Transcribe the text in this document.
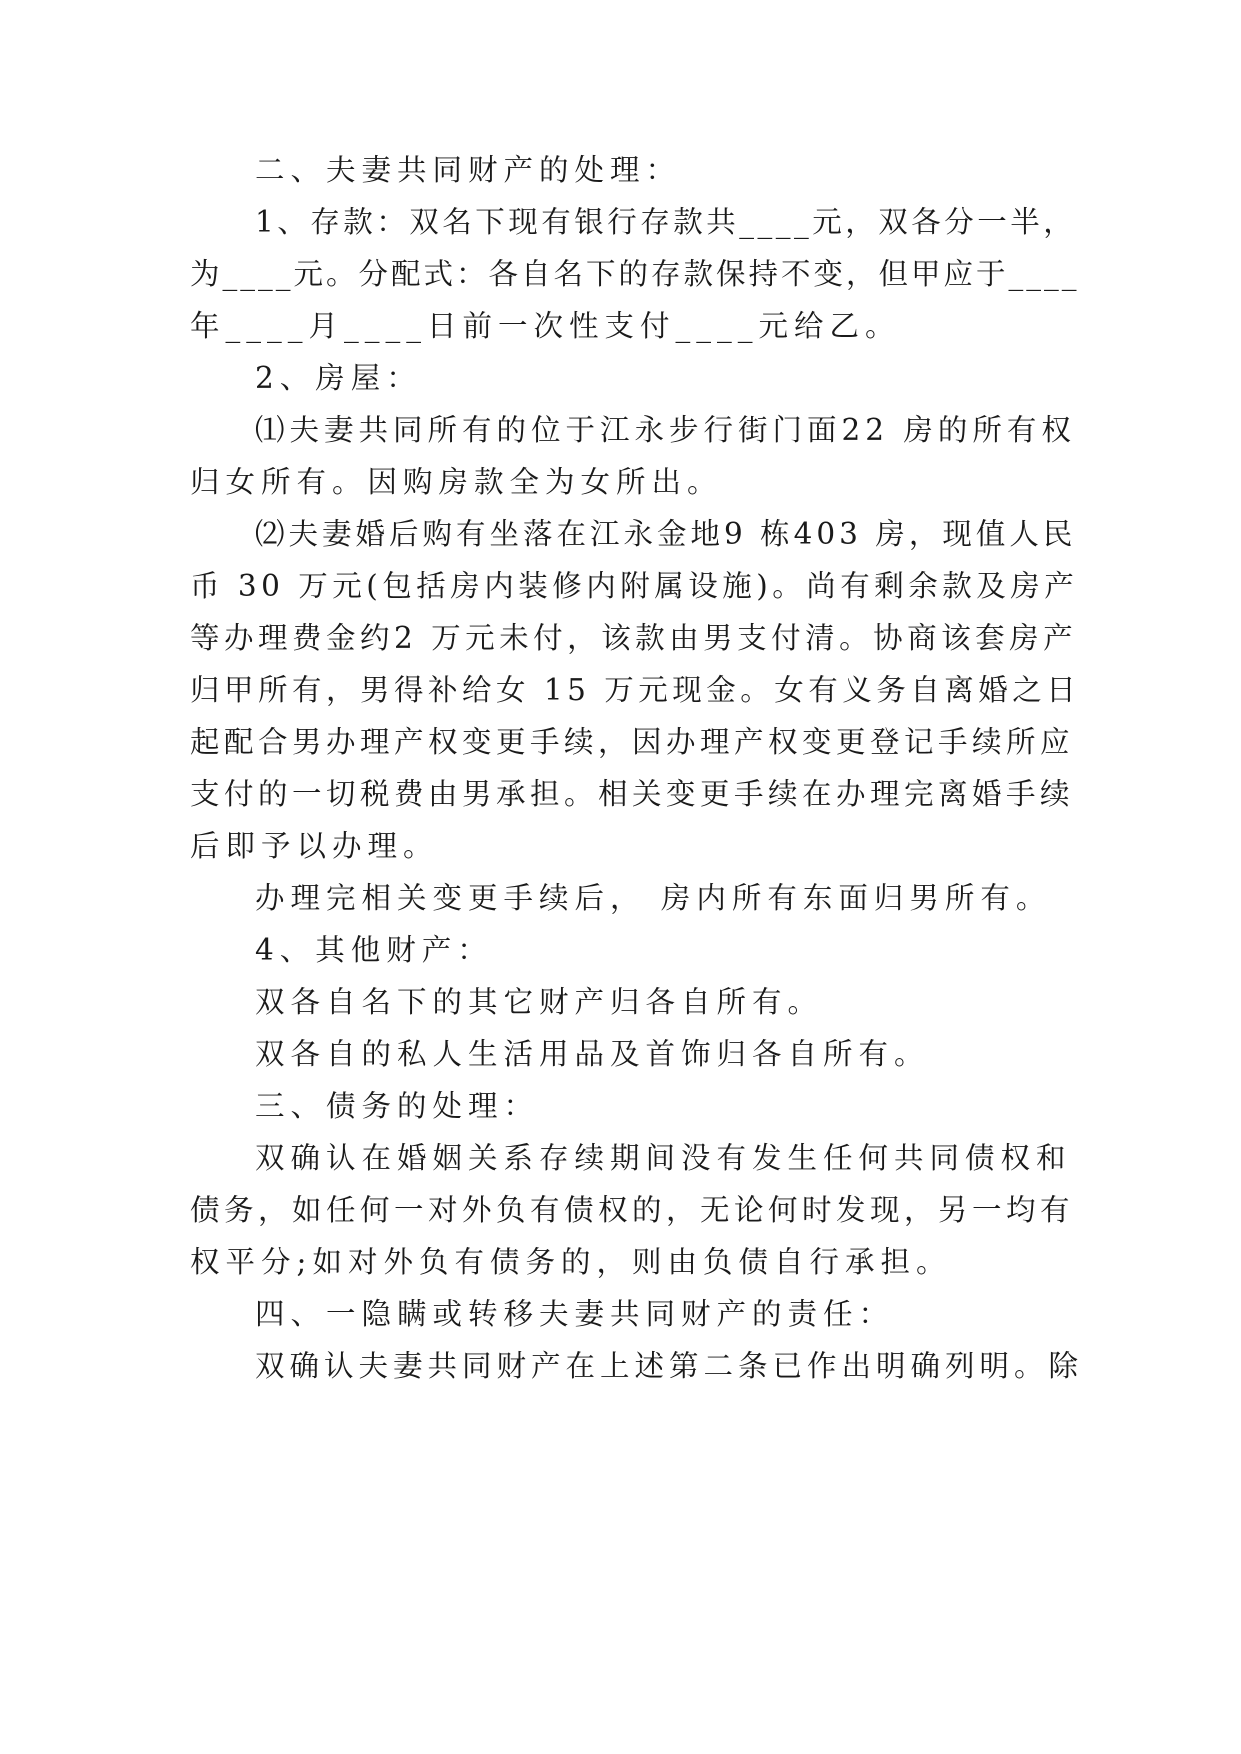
二、夫妻共同财产的处理：
1、存款：双名下现有银行存款共____元，双各分一半，
为____元。分配式：各自名下的存款保持不变，但甲应于____
年____月____日前一次性支付____元给乙。
2、房屋：
⑴夫妻共同所有的位于江永步行街门面22 房的所有权
归女所有。因购房款全为女所出。
⑵夫妻婚后购有坐落在江永金地9 栋403 房，现值人民
币 30 万元(包括房内装修内附属设施)。尚有剩余款及房产
等办理费金约2 万元未付，该款由男支付清。协商该套房产
归甲所有，男得补给女 15 万元现金。女有义务自离婚之日
起配合男办理产权变更手续，因办理产权变更登记手续所应
支付的一切税费由男承担。相关变更手续在办理完离婚手续
后即予以办理。
办理完相关变更手续后， 房内所有东面归男所有。
4、其他财产：
双各自名下的其它财产归各自所有。
双各自的私人生活用品及首饰归各自所有。
三、债务的处理：
双确认在婚姻关系存续期间没有发生任何共同债权和
债务，如任何一对外负有债权的，无论何时发现，另一均有
权平分;如对外负有债务的，则由负债自行承担。
四、一隐瞒或转移夫妻共同财产的责任：
双确认夫妻共同财产在上述第二条已作出明确列明。除
